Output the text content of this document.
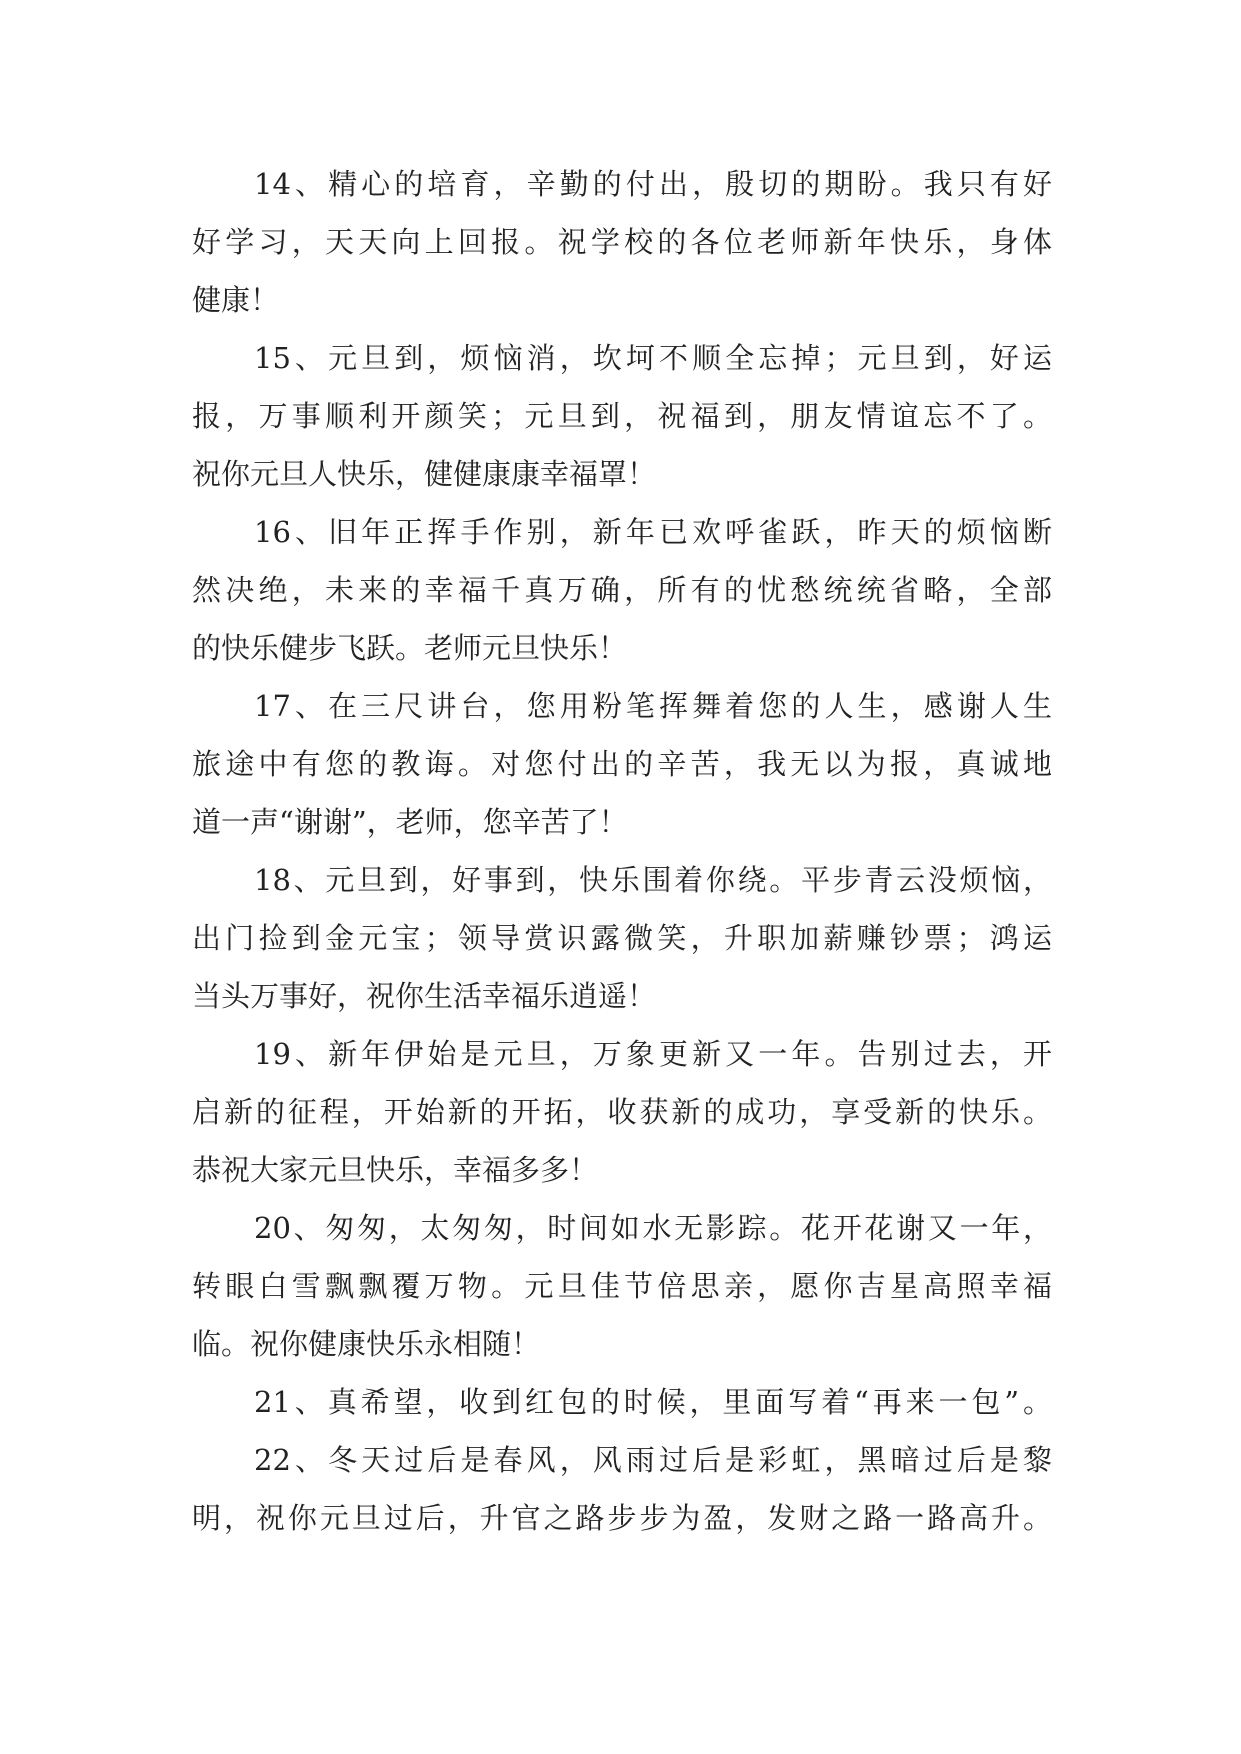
14、精心的培育，辛勤的付出，殷切的期盼。我只有好

好学习，天天向上回报。祝学校的各位老师新年快乐，身体

健康！

15、元旦到，烦恼消，坎坷不顺全忘掉；元旦到，好运

报，万事顺利开颜笑；元旦到，祝福到，朋友情谊忘不了。

祝你元旦人快乐，健健康康幸福罩！

16、旧年正挥手作别，新年已欢呼雀跃，昨天的烦恼断

然决绝，未来的幸福千真万确，所有的忧愁统统省略，全部

的快乐健步飞跃。老师元旦快乐！

17、在三尺讲台，您用粉笔挥舞着您的人生，感谢人生

旅途中有您的教诲。对您付出的辛苦，我无以为报，真诚地

道一声“谢谢”，老师，您辛苦了！

18、元旦到，好事到，快乐围着你绕。平步青云没烦恼，

出门捡到金元宝；领导赏识露微笑，升职加薪赚钞票；鸿运

当头万事好，祝你生活幸福乐逍遥！

19、新年伊始是元旦，万象更新又一年。告别过去，开

启新的征程，开始新的开拓，收获新的成功，享受新的快乐。

恭祝大家元旦快乐，幸福多多！

20、匆匆，太匆匆，时间如水无影踪。花开花谢又一年，

转眼白雪飘飘覆万物。元旦佳节倍思亲，愿你吉星高照幸福

临。祝你健康快乐永相随！

21、真希望，收到红包的时候，里面写着“再来一包”。

22、冬天过后是春风，风雨过后是彩虹，黑暗过后是黎

明，祝你元旦过后，升官之路步步为盈，发财之路一路高升。
